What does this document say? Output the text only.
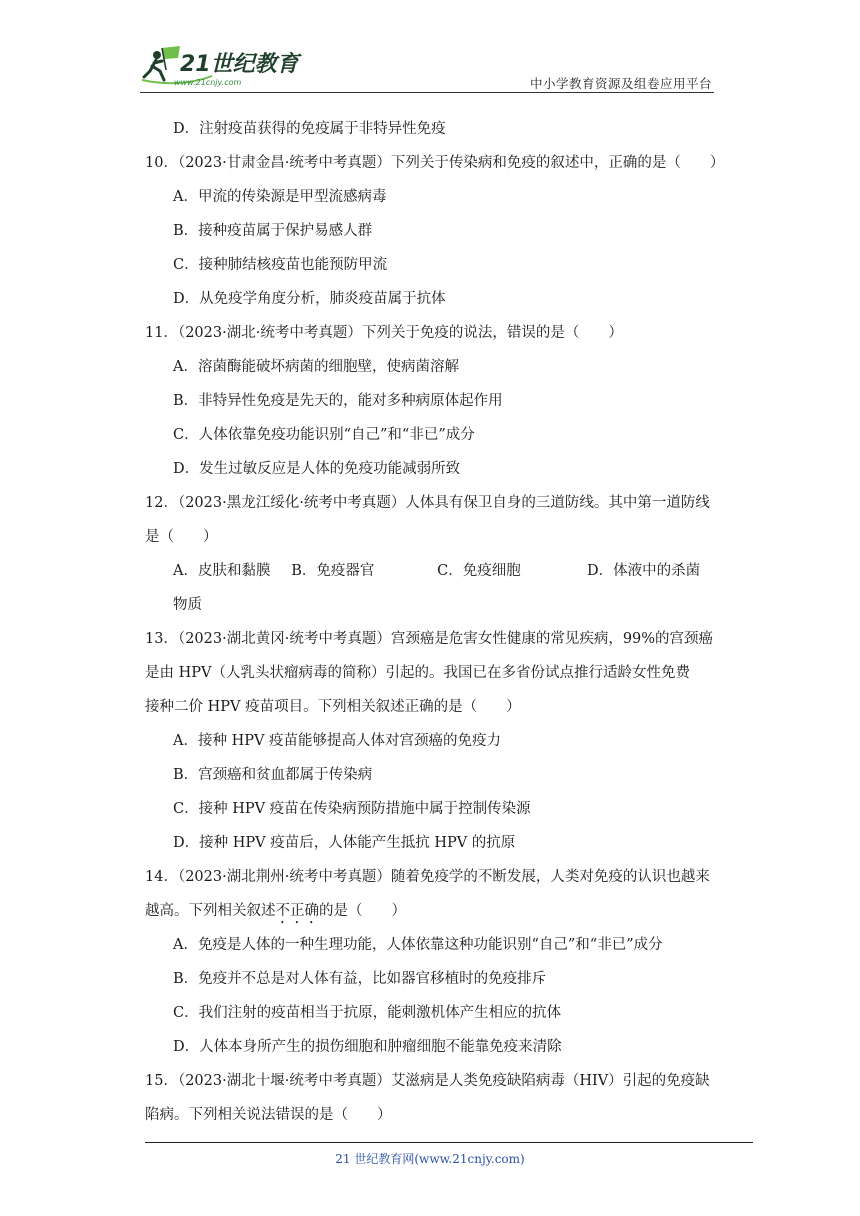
21世纪教育
www.21cnjy.com	中小学教育资源及组卷应用平台
D．注射疫苗获得的免疫属于非特异性免疫
10．（2023·甘肃金昌·统考中考真题）下列关于传染病和免疫的叙述中，正确的是（　　）
A．甲流的传染源是甲型流感病毒
B．接种疫苗属于保护易感人群
C．接种肺结核疫苗也能预防甲流
D．从免疫学角度分析，肺炎疫苗属于抗体
11．（2023·湖北·统考中考真题）下列关于免疫的说法，错误的是（　　）
A．溶菌酶能破坏病菌的细胞壁，使病菌溶解
B．非特异性免疫是先天的，能对多种病原体起作用
C．人体依靠免疫功能识别“自己”和“非已”成分
D．发生过敏反应是人体的免疫功能减弱所致
12．（2023·黑龙江绥化·统考中考真题）人体具有保卫自身的三道防线。其中第一道防线
是（　　）
A．皮肤和黏膜	B．免疫器官	C．免疫细胞	D．体液中的杀菌
物质
13．（2023·湖北黄冈·统考中考真题）宫颈癌是危害女性健康的常见疾病，99%的宫颈癌
是由 HPV（人乳头状瘤病毒的简称）引起的。我国已在多省份试点推行适龄女性免费
接种二价 HPV 疫苗项目。下列相关叙述正确的是（　　）
A．接种 HPV 疫苗能够提高人体对宫颈癌的免疫力
B．宫颈癌和贫血都属于传染病
C．接种 HPV 疫苗在传染病预防措施中属于控制传染源
D．接种 HPV 疫苗后，人体能产生抵抗 HPV 的抗原
14．（2023·湖北荆州·统考中考真题）随着免疫学的不断发展，人类对免疫的认识也越来
越高。下列相关叙述不正确的是（　　）
A．免疫是人体的一种生理功能，人体依靠这种功能识别“自己”和“非已”成分
B．免疫并不总是对人体有益，比如器官移植时的免疫排斥
C．我们注射的疫苗相当于抗原，能刺激机体产生相应的抗体
D．人体本身所产生的损伤细胞和肿瘤细胞不能靠免疫来清除
15．（2023·湖北十堰·统考中考真题）艾滋病是人类免疫缺陷病毒（HIV）引起的免疫缺
陷病。下列相关说法错误的是（　　）
21 世纪教育网(www.21cnjy.com)
